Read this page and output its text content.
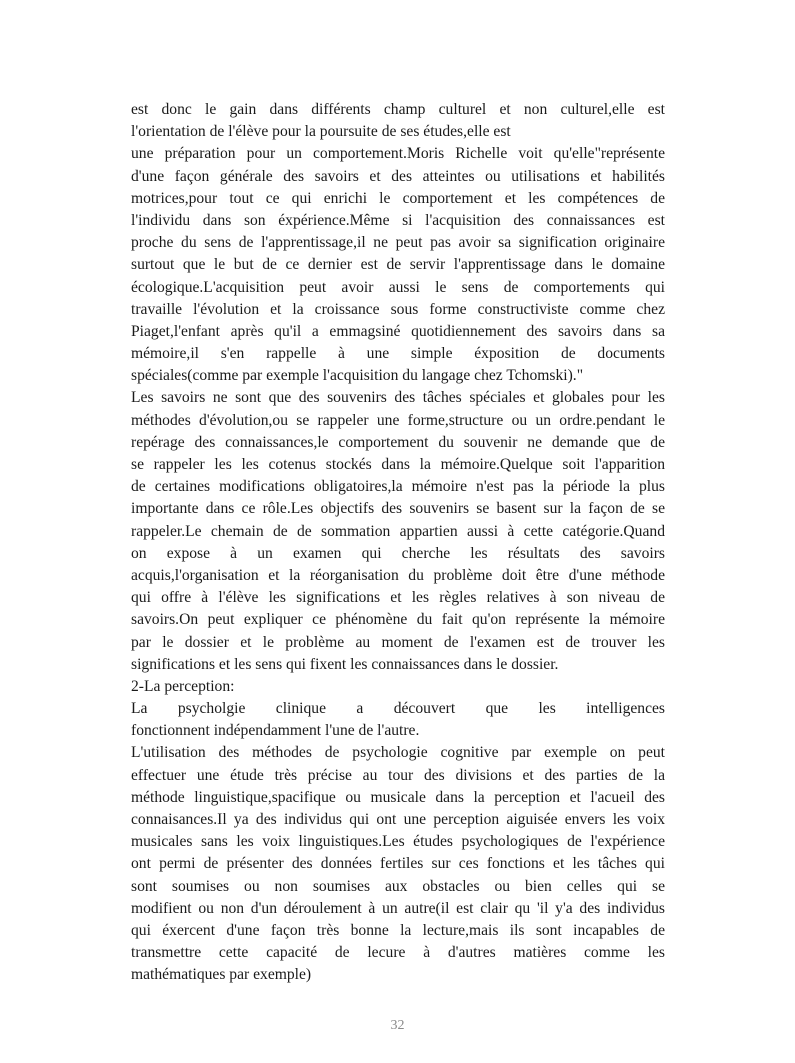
est donc le gain dans différents champ culturel et non culturel,elle est
l'orientation de l'élève pour la poursuite de ses études,elle est
une préparation pour un comportement.Moris Richelle voit qu'elle"représente
d'une façon générale des savoirs et des atteintes ou utilisations et habilités
motrices,pour tout ce qui enrichi le comportement et les compétences de
l'individu dans son éxpérience.Même si l'acquisition des connaissances est
proche du sens de l'apprentissage,il ne peut pas avoir sa signification originaire
surtout que le but de ce dernier est de servir l'apprentissage dans le domaine
écologique.L'acquisition peut avoir aussi le sens de comportements qui
travaille l'évolution et la croissance sous forme constructiviste comme chez
Piaget,l'enfant après qu'il a emmagsiné quotidiennement des savoirs dans sa
mémoire,il s'en rappelle à une simple éxposition de documents
spéciales(comme par exemple l'acquisition du langage chez Tchomski)."
Les savoirs ne sont que des souvenirs des tâches spéciales et globales pour les
méthodes d'évolution,ou se rappeler une forme,structure ou un ordre.pendant le
repérage des connaissances,le comportement du souvenir ne demande que de
se rappeler les les cotenus stockés dans la mémoire.Quelque soit l'apparition
de certaines modifications obligatoires,la mémoire n'est pas la période la plus
importante dans ce rôle.Les objectifs des souvenirs se basent sur la façon de se
rappeler.Le chemain de de sommation appartien aussi à cette catégorie.Quand
on expose à un examen qui cherche les résultats des savoirs
acquis,l'organisation et la réorganisation du problème doit être d'une méthode
qui offre à l'élève les significations et les règles relatives à son niveau de
savoirs.On peut expliquer ce phénomène du fait qu'on représente la mémoire
par le dossier et le problème au moment de l'examen est de trouver les
significations et les sens qui fixent les connaissances dans le dossier.
2-La perception:
La psycholgie clinique a découvert que les intelligences
fonctionnent indépendamment l'une de l'autre.
L'utilisation des méthodes de psychologie cognitive par exemple on peut
effectuer une étude très précise au tour des divisions et des parties de la
méthode linguistique,spacifique ou musicale dans la perception et l'acueil des
connaisances.Il ya des individus qui ont une perception aiguisée envers les voix
musicales sans les voix linguistiques.Les études psychologiques de l'expérience
ont permi de présenter des données fertiles sur ces fonctions et les tâches qui
sont soumises ou non soumises aux obstacles ou bien celles qui se
modifient ou non d'un déroulement à un autre(il est clair qu 'il y'a des individus
qui éxercent d'une façon très bonne la lecture,mais ils sont incapables de
transmettre cette capacité de lecure à d'autres matières comme les
mathématiques par exemple)
32
